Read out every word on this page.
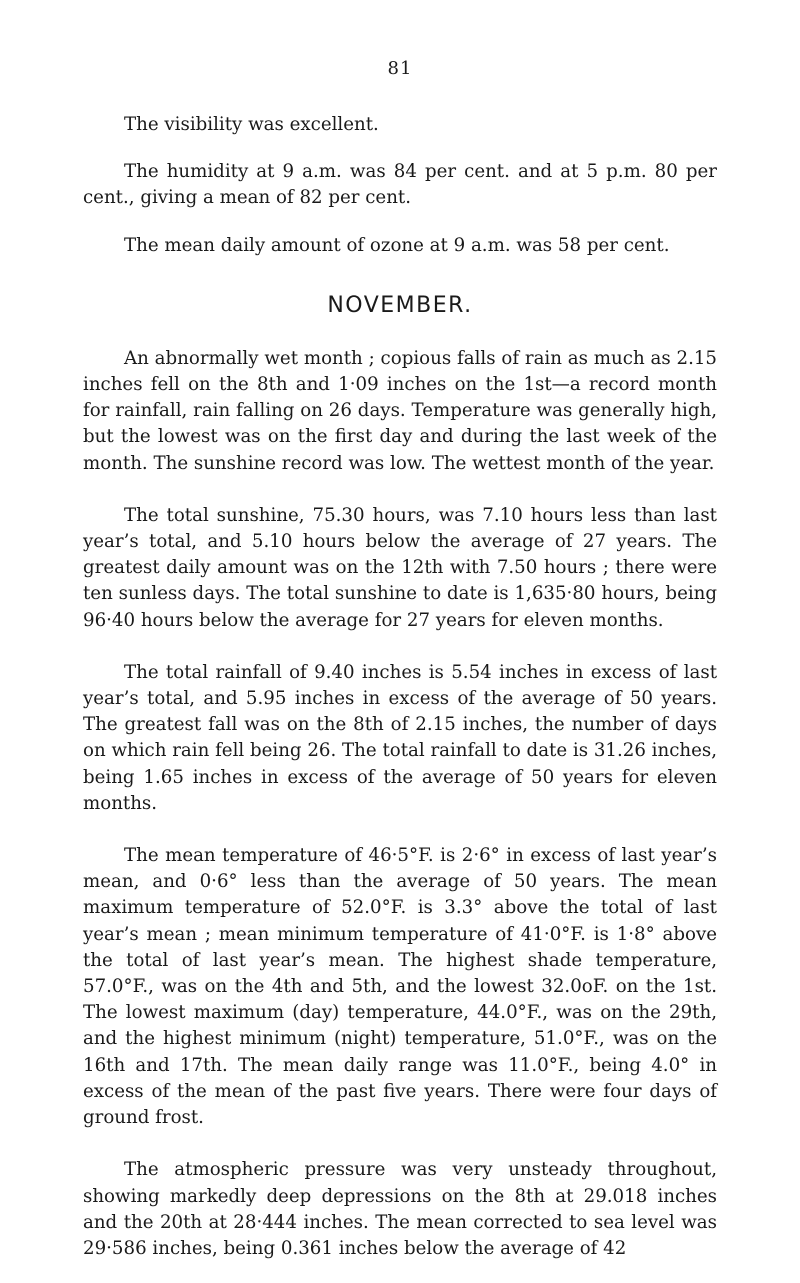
81

The visibility was excellent.

The humidity at 9 a.m. was 84 per cent. and at 5 p.m. 80 per cent., giving a mean of 82 per cent.

The mean daily amount of ozone at 9 a.m. was 58 per cent.

NOVEMBER.

An abnormally wet month ; copious falls of rain as much as 2.15 inches fell on the 8th and 1·09 inches on the 1st—a record month for rainfall, rain falling on 26 days. Temperature was generally high, but the lowest was on the first day and during the last week of the month. The sunshine record was low. The wettest month of the year.

The total sunshine, 75.30 hours, was 7.10 hours less than last year’s total, and 5.10 hours below the average of 27 years. The greatest daily amount was on the 12th with 7.50 hours ; there were ten sunless days. The total sunshine to date is 1,635·80 hours, being 96·40 hours below the average for 27 years for eleven months.

The total rainfall of 9.40 inches is 5.54 inches in excess of last year’s total, and 5.95 inches in excess of the average of 50 years. The greatest fall was on the 8th of 2.15 inches, the number of days on which rain fell being 26. The total rainfall to date is 31.26 inches, being 1.65 inches in excess of the average of 50 years for eleven months.

The mean temperature of 46·5°F. is 2·6° in excess of last year’s mean, and 0·6° less than the average of 50 years. The mean maximum temperature of 52.0°F. is 3.3° above the total of last year’s mean ; mean minimum temperature of 41·0°F. is 1·8° above the total of last year’s mean. The highest shade temperature, 57.0°F., was on the 4th and 5th, and the lowest 32.0oF. on the 1st. The lowest maximum (day) temperature, 44.0°F., was on the 29th, and the highest minimum (night) temperature, 51.0°F., was on the 16th and 17th. The mean daily range was 11.0°F., being 4.0° in excess of the mean of the past five years. There were four days of ground frost.

The atmospheric pressure was very unsteady throughout, showing markedly deep depressions on the 8th at 29.018 inches and the 20th at 28·444 inches. The mean corrected to sea level was 29·586 inches, being 0.361 inches below the average of 42
